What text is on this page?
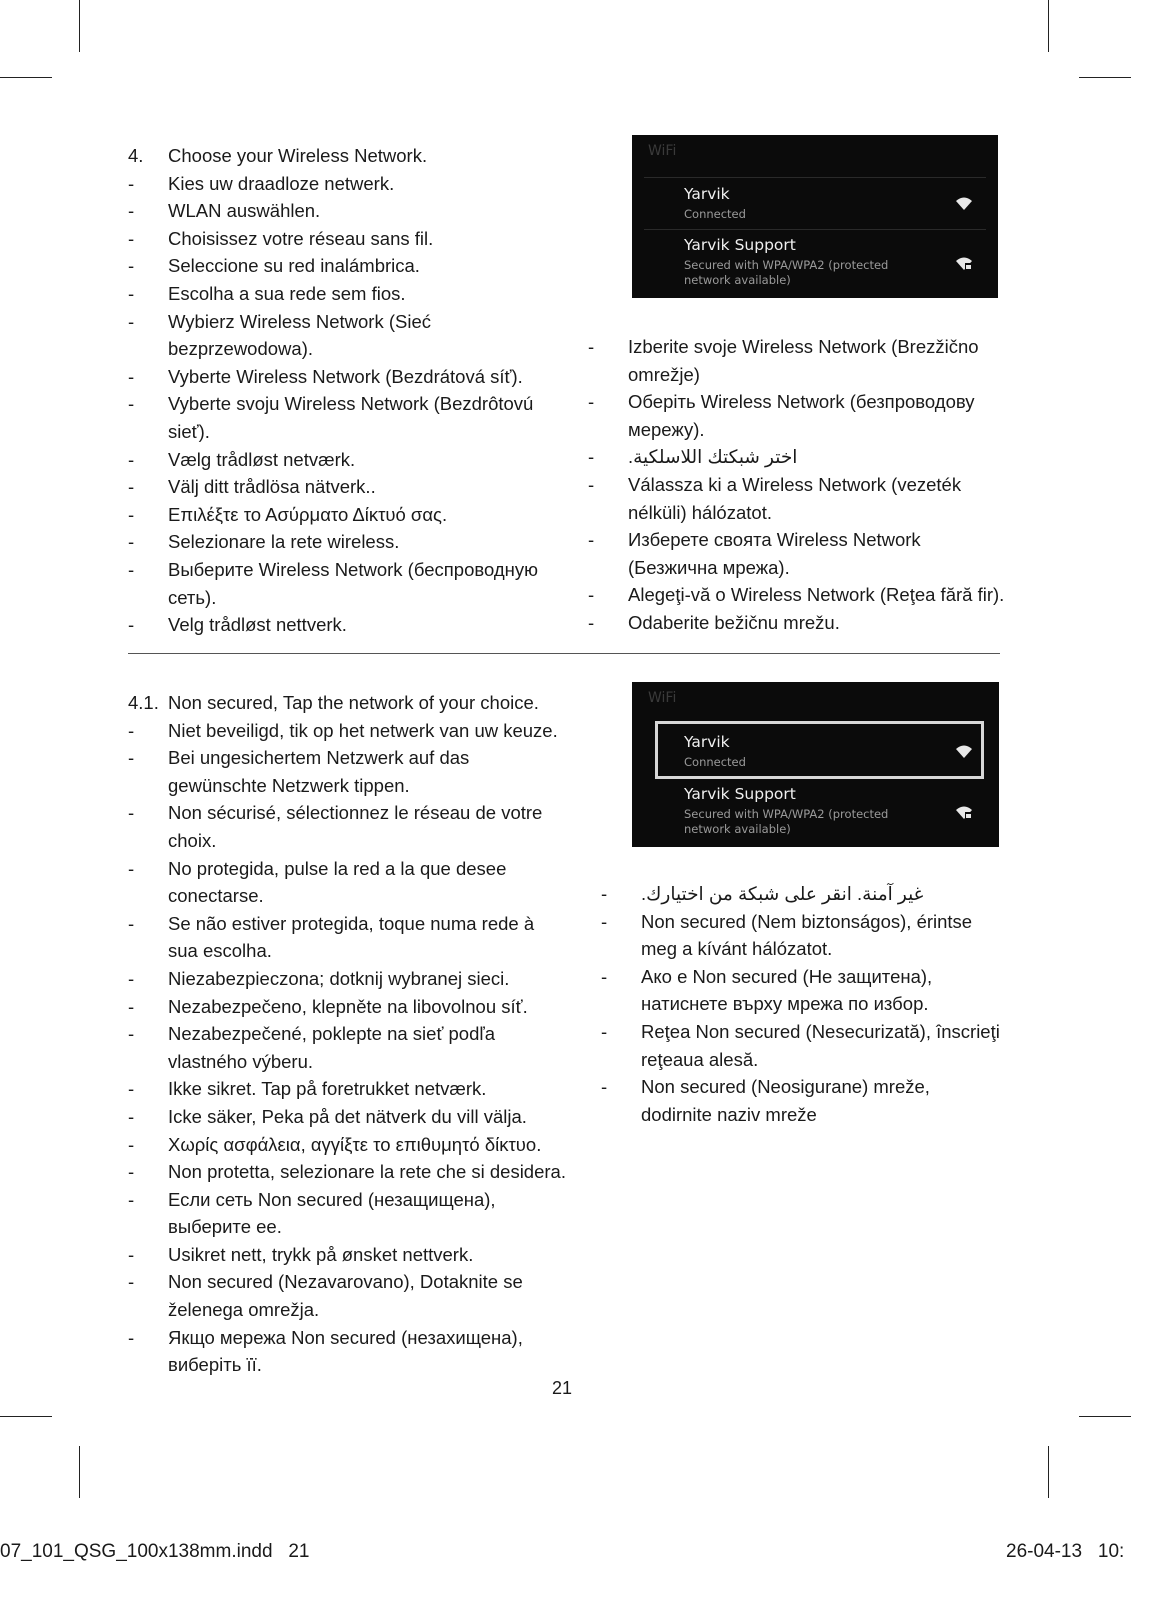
4. Choose your Wireless Network.
- Kies uw draadloze netwerk.
- WLAN auswählen.
- Choisissez votre réseau sans fil.
- Seleccione su red inalámbrica.
- Escolha a sua rede sem fios.
- Wybierz Wireless Network (Sieć bezprzewodowa).
- Vyberte Wireless Network (Bezdrátová síť).
- Vyberte svoju Wireless Network (Bezdrôtovú sieť).
- Vælg trådløst netværk.
- Välj ditt trådlösa nätverk..
- Επιλέξτε το Ασύρματο Δίκτυό σας.
- Selezionare la rete wireless.
- Выберите Wireless Network (беспроводную сеть).
- Velg trådløst nettverk.
WiFi
Yarvik
Connected
Yarvik Support
Secured with WPA/WPA2 (protected network available)
- Izberite svoje Wireless Network (Brezžično omrežje)
- Оберіть Wireless Network (безпроводову мережу).
- اختر شبكتك اللاسلكية.
- Válassza ki a Wireless Network (vezeték nélküli) hálózatot.
- Изберете своята Wireless Network (Безжична мрежа).
- Alegeţi-vă o Wireless Network (Reţea fără fir).
- Odaberite bežičnu mrežu.
4.1. Non secured, Tap the network of your choice.
- Niet beveiligd, tik op het netwerk van uw keuze.
- Bei ungesichertem Netzwerk auf das gewünschte Netzwerk tippen.
- Non sécurisé, sélectionnez le réseau de votre choix.
- No protegida, pulse la red a la que desee conectarse.
- Se não estiver protegida, toque numa rede à sua escolha.
- Niezabezpieczona; dotknij wybranej sieci.
- Nezabezpečeno, klepněte na libovolnou síť.
- Nezabezpečené, poklepte na sieť podľa vlastného výberu.
- Ikke sikret. Tap på foretrukket netværk.
- Icke säker, Peka på det nätverk du vill välja.
- Χωρίς ασφάλεια, αγγίξτε το επιθυμητό δίκτυο.
- Non protetta, selezionare la rete che si desidera.
- Если сеть Non secured (незащищена), выберите ее.
- Usikret nett, trykk på ønsket nettverk.
- Non secured (Nezavarovano), Dotaknite se želenega omrežja.
- Якщо мережа Non secured (незахищена), виберіть її.
WiFi
Yarvik
Connected
Yarvik Support
Secured with WPA/WPA2 (protected network available)
- غير آمنة. انقر على شبكة من اختيارك.
- Non secured (Nem biztonságos), érintse meg a kívánt hálózatot.
- Ако е Non secured (Не защитена), натиснете върху мрежа по избор.
- Reţea Non secured (Nesecurizată), înscrieţi reţeaua alesă.
- Non secured (Neosigurane) mreže, dodirnite naziv mreže
21
07_101_QSG_100x138mm.indd   21	26-04-13   10:
